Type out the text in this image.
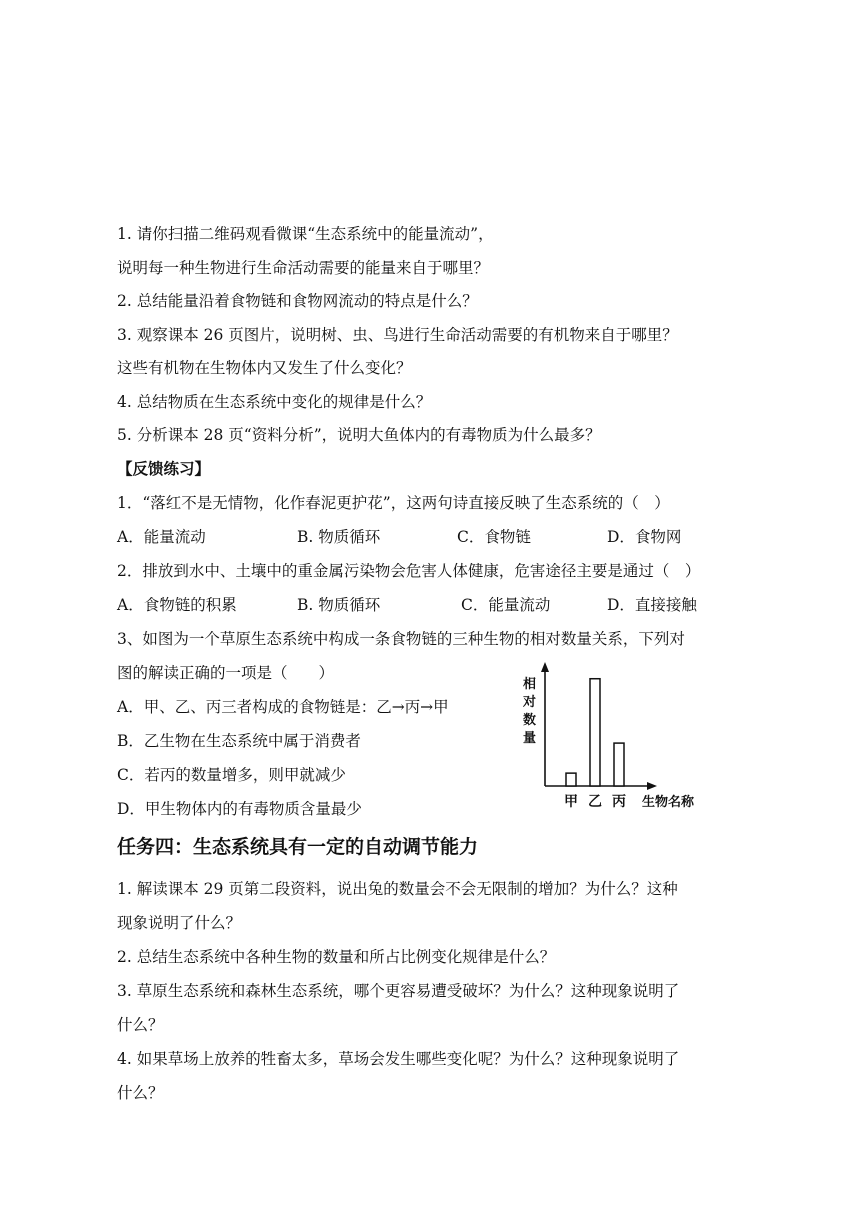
1. 请你扫描二维码观看微课“生态系统中的能量流动”，
说明每一种生物进行生命活动需要的能量来自于哪里？
2. 总结能量沿着食物链和食物网流动的特点是什么？
3. 观察课本 26 页图片，说明树、虫、鸟进行生命活动需要的有机物来自于哪里？
这些有机物在生物体内又发生了什么变化？
4. 总结物质在生态系统中变化的规律是什么？
5. 分析课本 28 页“资料分析”，说明大鱼体内的有毒物质为什么最多？
【反馈练习】
1．“落红不是无情物，化作春泥更护花”，这两句诗直接反映了生态系统的（　）
A．能量流动	B. 物质循环	C．食物链	D．食物网
2．排放到水中、土壤中的重金属污染物会危害人体健康，危害途径主要是通过（　）
A．食物链的积累	B. 物质循环	C．能量流动	D．直接接触
3、如图为一个草原生态系统中构成一条食物链的三种生物的相对数量关系，下列对
图的解读正确的一项是（　　）
A．甲、乙、丙三者构成的食物链是：乙→丙→甲
B．乙生物在生态系统中属于消费者
C．若丙的数量增多，则甲就减少
D．甲生物体内的有毒物质含量最少
相对数量
甲 乙 丙 生物名称
任务四：生态系统具有一定的自动调节能力
1. 解读课本 29 页第二段资料，说出兔的数量会不会无限制的增加？为什么？这种
现象说明了什么？
2. 总结生态系统中各种生物的数量和所占比例变化规律是什么？
3. 草原生态系统和森林生态系统，哪个更容易遭受破坏？为什么？这种现象说明了
什么？
4. 如果草场上放养的牲畜太多，草场会发生哪些变化呢？为什么？这种现象说明了
什么？
